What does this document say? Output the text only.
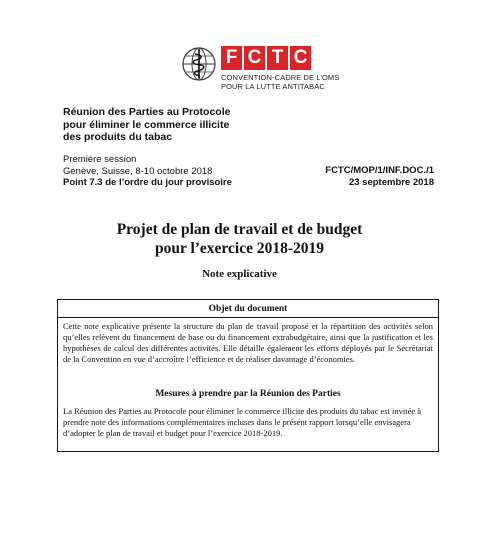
F C T C
CONVENTION-CADRE DE L’OMS
POUR LA LUTTE ANTITABAC
Réunion des Parties au Protocole
pour éliminer le commerce illicite
des produits du tabac
Première session
Genève, Suisse, 8-10 octobre 2018
Point 7.3 de l’ordre du jour provisoire
FCTC/MOP/1/INF.DOC./1
23 septembre 2018
Projet de plan de travail et de budget
pour l’exercice 2018-2019
Note explicative
Objet du document
Cette note explicative présente la structure du plan de travail proposé et la répartition des activités selon qu’elles relèvent du financement de base ou du financement extrabudgétaire, ainsi que la justification et les hypothèses de calcul des différentes activités. Elle détaille également les efforts déployés par le Secrétariat de la Convention en vue d’accroître l’efficience et de réaliser davantage d’économies.
Mesures à prendre par la Réunion des Parties
La Réunion des Parties au Protocole pour éliminer le commerce illicite des produits du tabac est invitée à prendre note des informations complémentaires incluses dans le présent rapport lorsqu’elle envisagera d’adopter le plan de travail et budget pour l’exercice 2018-2019.
